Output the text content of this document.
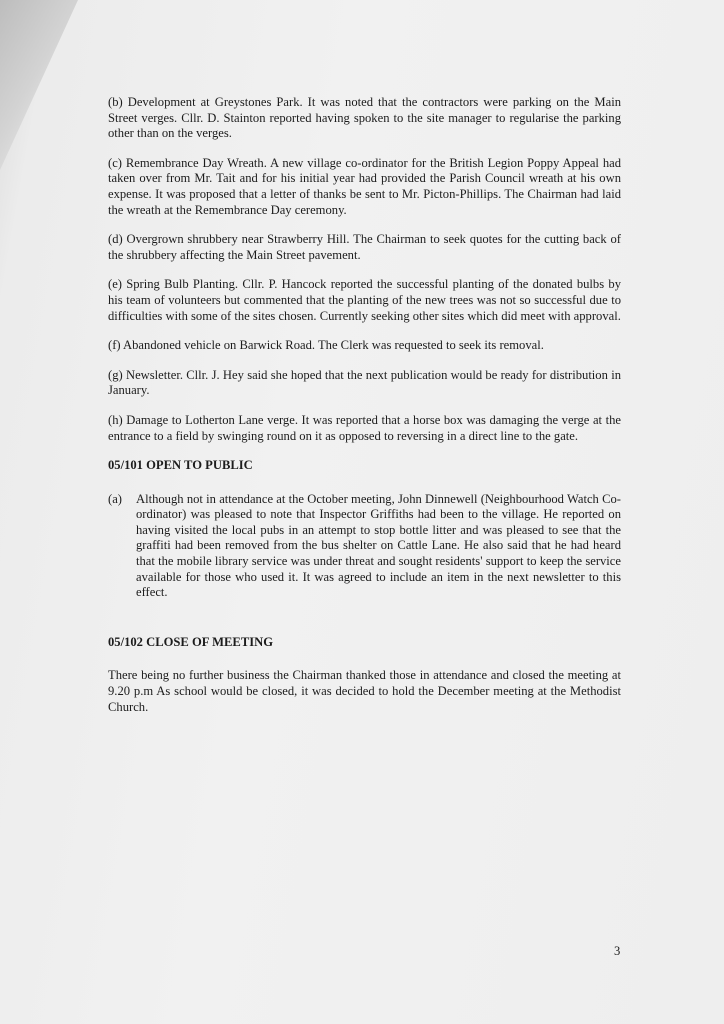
(b) Development at Greystones Park. It was noted that the contractors were parking on the Main Street verges. Cllr. D. Stainton reported having spoken to the site manager to regularise the parking other than on the verges.

(c) Remembrance Day Wreath. A new village co-ordinator for the British Legion Poppy Appeal had taken over from Mr. Tait and for his initial year had provided the Parish Council wreath at his own expense. It was proposed that a letter of thanks be sent to Mr. Picton-Phillips. The Chairman had laid the wreath at the Remembrance Day ceremony.

(d) Overgrown shrubbery near Strawberry Hill. The Chairman to seek quotes for the cutting back of the shrubbery affecting the Main Street pavement.

(e) Spring Bulb Planting. Cllr. P. Hancock reported the successful planting of the donated bulbs by his team of volunteers but commented that the planting of the new trees was not so successful due to difficulties with some of the sites chosen. Currently seeking other sites which did meet with approval.

(f) Abandoned vehicle on Barwick Road. The Clerk was requested to seek its removal.

(g) Newsletter. Cllr. J. Hey said she hoped that the next publication would be ready for distribution in January.

(h) Damage to Lotherton Lane verge. It was reported that a horse box was damaging the verge at the entrance to a field by swinging round on it as opposed to reversing in a direct line to the gate.

05/101 OPEN TO PUBLIC

(a)	Although not in attendance at the October meeting, John Dinnewell (Neighbourhood Watch Co-ordinator) was pleased to note that Inspector Griffiths had been to the village. He reported on having visited the local pubs in an attempt to stop bottle litter and was pleased to see that the graffiti had been removed from the bus shelter on Cattle Lane. He also said that he had heard that the mobile library service was under threat and sought residents' support to keep the service available for those who used it. It was agreed to include an item in the next newsletter to this effect.

05/102 CLOSE OF MEETING

There being no further business the Chairman thanked those in attendance and closed the meeting at 9.20 p.m As school would be closed, it was decided to hold the December meeting at the Methodist Church.

3
